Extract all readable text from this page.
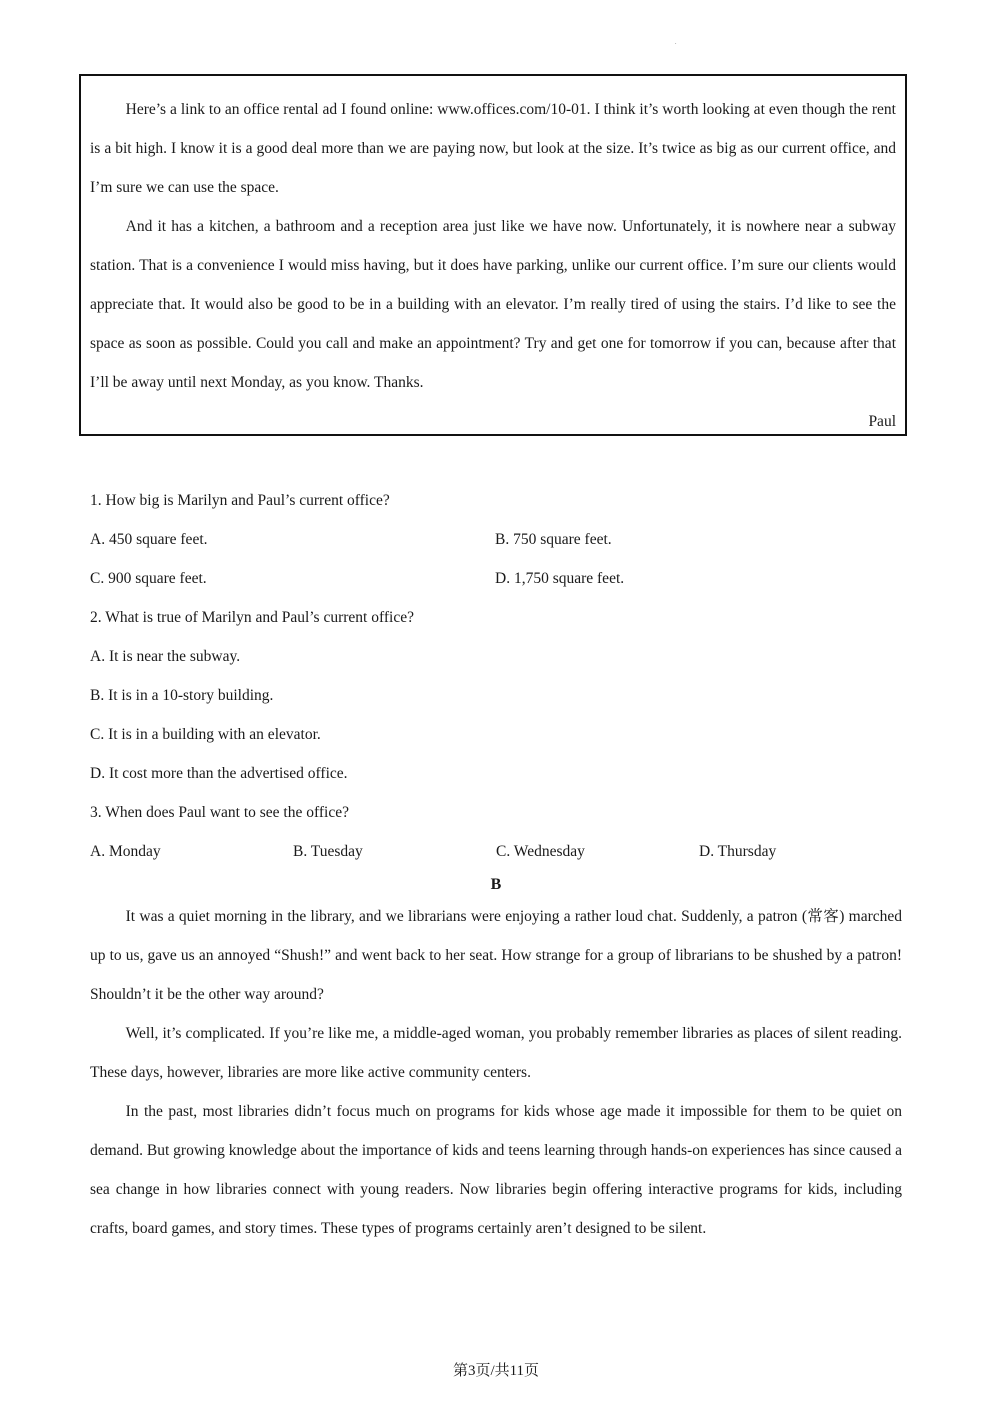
.

Here’s a link to an office rental ad I found online: www.offices.com/10-01. I think it’s worth looking at even though the rent is a bit high. I know it is a good deal more than we are paying now, but look at the size. It’s twice as big as our current office, and I’m sure we can use the space.

And it has a kitchen, a bathroom and a reception area just like we have now. Unfortunately, it is nowhere near a subway station. That is a convenience I would miss having, but it does have parking, unlike our current office. I’m sure our clients would appreciate that. It would also be good to be in a building with an elevator. I’m really tired of using the stairs. I’d like to see the space as soon as possible. Could you call and make an appointment? Try and get one for tomorrow if you can, because after that I’ll be away until next Monday, as you know. Thanks.

Paul

1. How big is Marilyn and Paul’s current office?
A. 450 square feet.	B. 750 square feet.
C. 900 square feet.	D. 1,750 square feet.
2. What is true of Marilyn and Paul’s current office?
A. It is near the subway.
B. It is in a 10-story building.
C. It is in a building with an elevator.
D. It cost more than the advertised office.
3. When does Paul want to see the office?
A. Monday	B. Tuesday	C. Wednesday	D. Thursday
B

It was a quiet morning in the library, and we librarians were enjoying a rather loud chat. Suddenly, a patron (常客) marched up to us, gave us an annoyed “Shush!” and went back to her seat. How strange for a group of librarians to be shushed by a patron! Shouldn’t it be the other way around?

Well, it’s complicated. If you’re like me, a middle-aged woman, you probably remember libraries as places of silent reading. These days, however, libraries are more like active community centers.

In the past, most libraries didn’t focus much on programs for kids whose age made it impossible for them to be quiet on demand. But growing knowledge about the importance of kids and teens learning through hands-on experiences has since caused a sea change in how libraries connect with young readers. Now libraries begin offering interactive programs for kids, including crafts, board games, and story times. These types of programs certainly aren’t designed to be silent.

第3页/共11页
